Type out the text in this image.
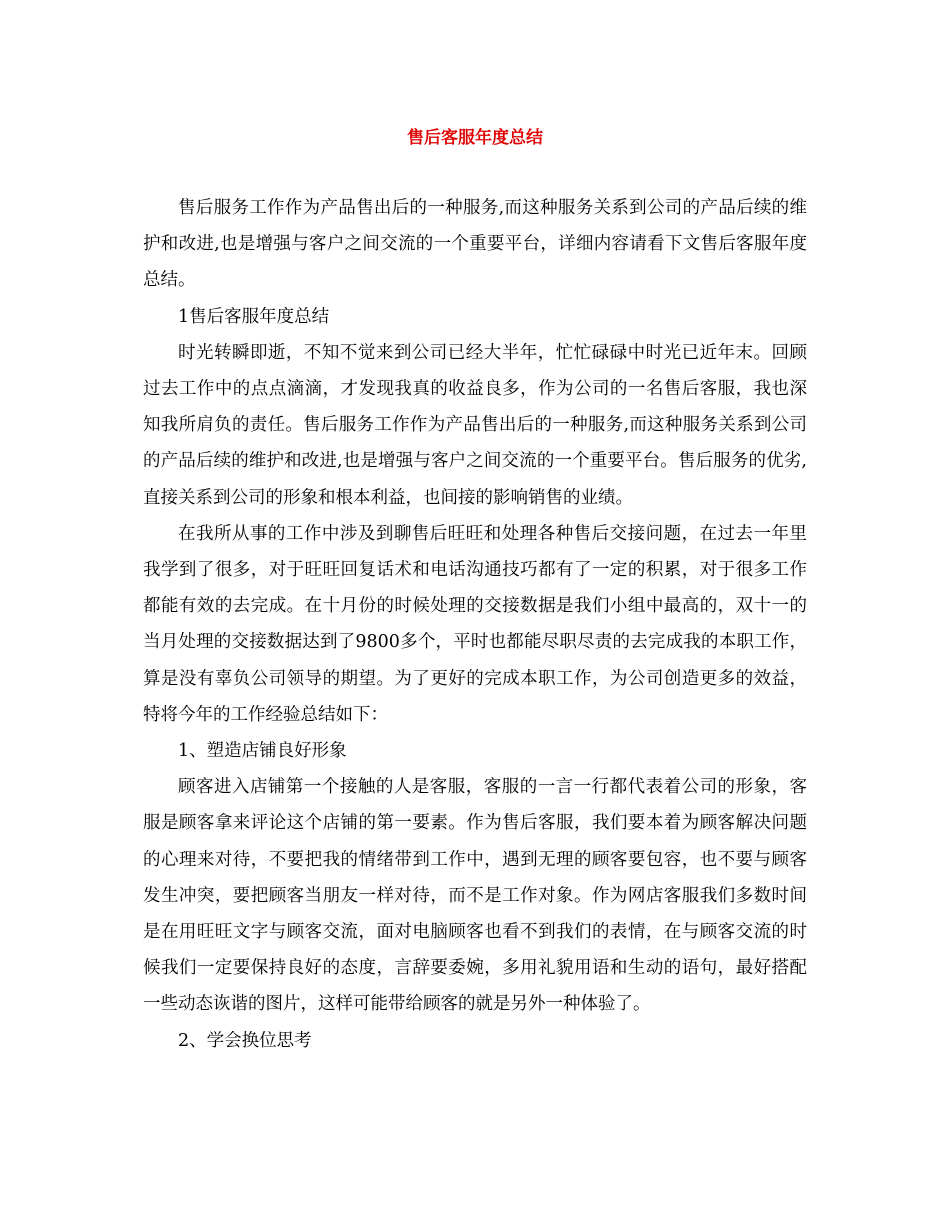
售后客服年度总结

售后服务工作作为产品售出后的一种服务,而这种服务关系到公司的产品后续的维护和改进,也是增强与客户之间交流的一个重要平台，详细内容请看下文售后客服年度总结。

1售后客服年度总结

时光转瞬即逝，不知不觉来到公司已经大半年，忙忙碌碌中时光已近年末。回顾过去工作中的点点滴滴，才发现我真的收益良多，作为公司的一名售后客服，我也深知我所肩负的责任。售后服务工作作为产品售出后的一种服务,而这种服务关系到公司的产品后续的维护和改进,也是增强与客户之间交流的一个重要平台。售后服务的优劣,直接关系到公司的形象和根本利益，也间接的影响销售的业绩。

在我所从事的工作中涉及到聊售后旺旺和处理各种售后交接问题，在过去一年里我学到了很多，对于旺旺回复话术和电话沟通技巧都有了一定的积累，对于很多工作都能有效的去完成。在十月份的时候处理的交接数据是我们小组中最高的，双十一的当月处理的交接数据达到了9800多个，平时也都能尽职尽责的去完成我的本职工作，算是没有辜负公司领导的期望。为了更好的完成本职工作，为公司创造更多的效益，特将今年的工作经验总结如下：

1、塑造店铺良好形象

顾客进入店铺第一个接触的人是客服，客服的一言一行都代表着公司的形象，客服是顾客拿来评论这个店铺的第一要素。作为售后客服，我们要本着为顾客解决问题的心理来对待，不要把我的情绪带到工作中，遇到无理的顾客要包容，也不要与顾客发生冲突，要把顾客当朋友一样对待，而不是工作对象。作为网店客服我们多数时间是在用旺旺文字与顾客交流，面对电脑顾客也看不到我们的表情，在与顾客交流的时候我们一定要保持良好的态度，言辞要委婉，多用礼貌用语和生动的语句，最好搭配一些动态诙谐的图片，这样可能带给顾客的就是另外一种体验了。

2、学会换位思考
